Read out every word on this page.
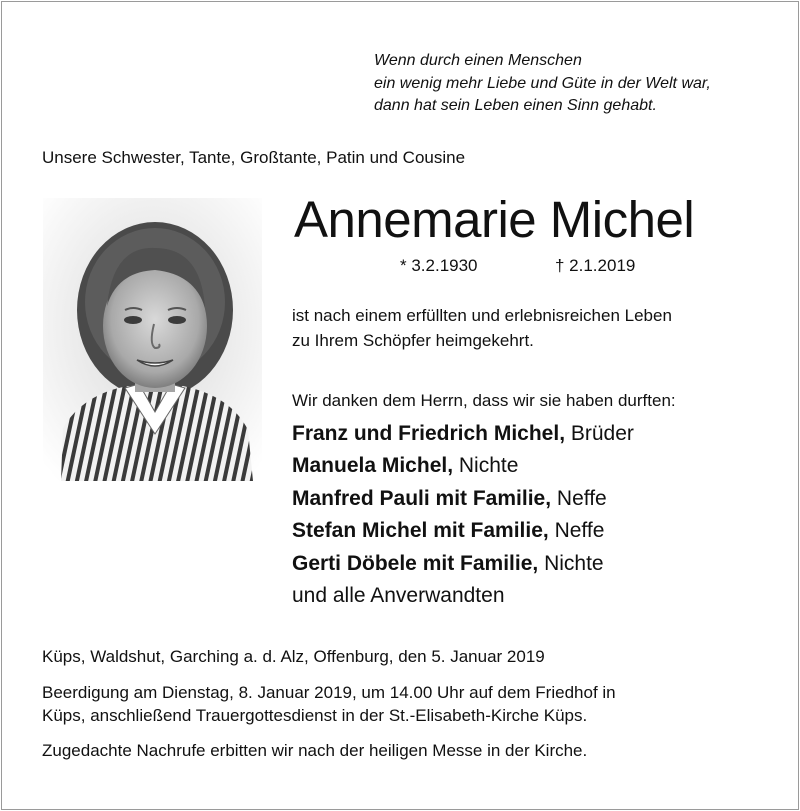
Wenn durch einen Menschen
ein wenig mehr Liebe und Güte in der Welt war,
dann hat sein Leben einen Sinn gehabt.
Unsere Schwester, Tante, Großtante, Patin und Cousine
Annemarie Michel
* 3.2.1930	† 2.1.2019
ist nach einem erfüllten und erlebnisreichen Leben
zu Ihrem Schöpfer heimgekehrt.
Wir danken dem Herrn, dass wir sie haben durften:
Franz und Friedrich Michel, Brüder
Manuela Michel, Nichte
Manfred Pauli mit Familie, Neffe
Stefan Michel mit Familie, Neffe
Gerti Döbele mit Familie, Nichte
und alle Anverwandten
Küps, Waldshut, Garching a. d. Alz, Offenburg, den 5. Januar 2019
Beerdigung am Dienstag, 8. Januar 2019, um 14.00 Uhr auf dem Friedhof in
Küps, anschließend Trauergottesdienst in der St.-Elisabeth-Kirche Küps.
Zugedachte Nachrufe erbitten wir nach der heiligen Messe in der Kirche.
